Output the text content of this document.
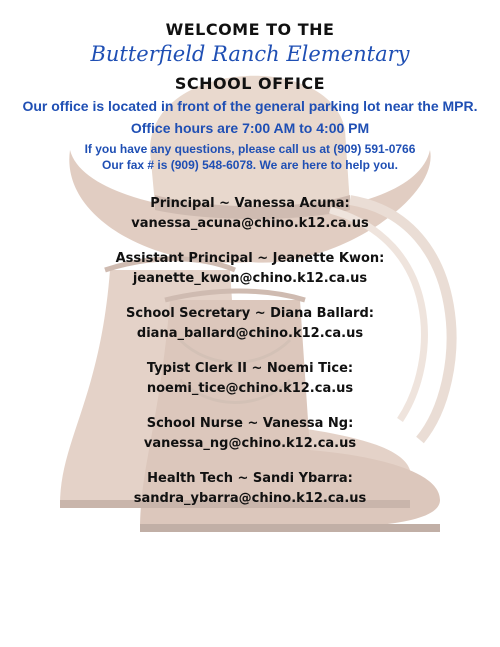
WELCOME TO THE
Butterfield Ranch Elementary
SCHOOL OFFICE
Our office is located in front of the general parking lot near the MPR.
Office hours are 7:00 AM to 4:00 PM
If you have any questions, please call us at (909) 591-0766
Our fax # is (909) 548-6078. We are here to help you.
Principal ~ Vanessa Acuna:
vanessa_acuna@chino.k12.ca.us
Assistant Principal ~ Jeanette Kwon:
jeanette_kwon@chino.k12.ca.us
School Secretary ~ Diana Ballard:
diana_ballard@chino.k12.ca.us
Typist Clerk II ~ Noemi Tice:
noemi_tice@chino.k12.ca.us
School Nurse ~ Vanessa Ng:
vanessa_ng@chino.k12.ca.us
Health Tech ~ Sandi Ybarra:
sandra_ybarra@chino.k12.ca.us
